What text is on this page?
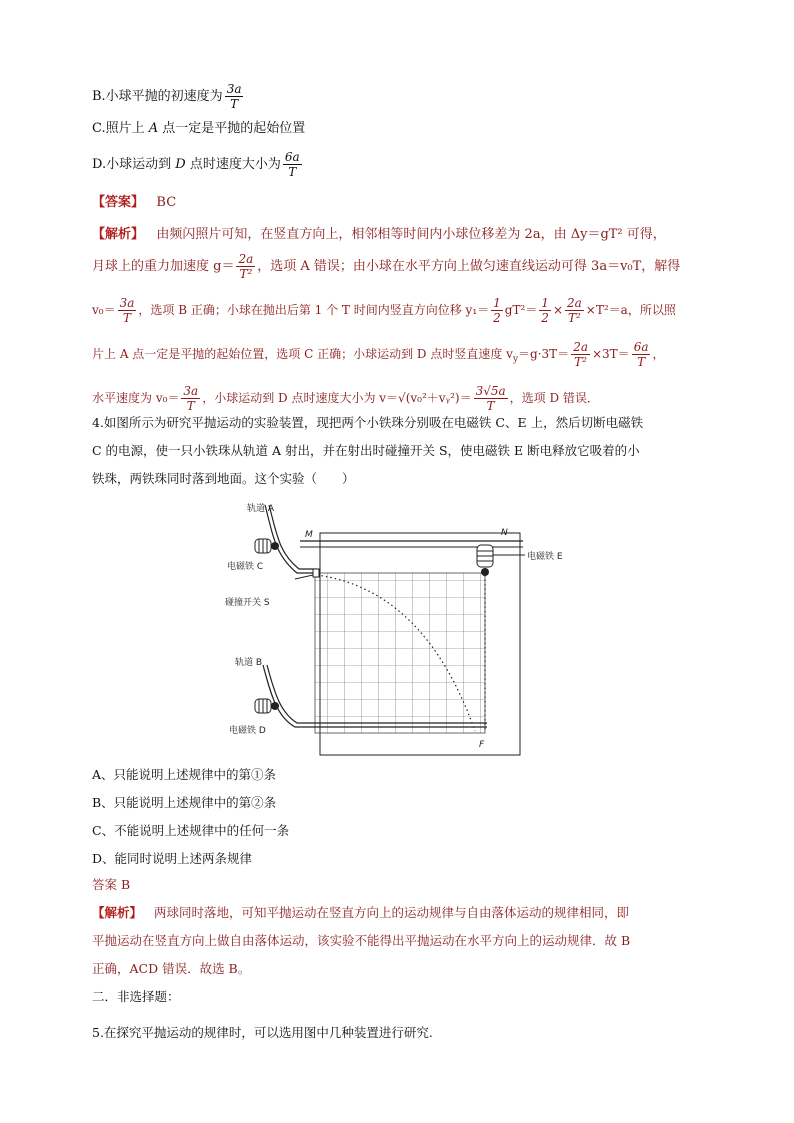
B.小球平抛的初速度为 $\frac{3a}{T}$
C.照片上 A 点一定是平抛的起始位置
D.小球运动到 D 点时速度大小为 $\frac{6a}{T}$
【答案】 BC
【解析】 由频闪照片可知，在竖直方向上，相邻相等时间内小球位移差为 2a，由 Δy＝gT² 可得，
月球上的重力加速度 $g= \frac{2a}{\text{T²}}$ ，选项 A 错误；由小球在水平方向上做匀速直线运动可得 3a＝v₀T，解得
$v_0= \frac{3a}{T}$ ，选项 B 正确；小球在抛出后第 1 个 T 时间内竖直方向位移 $y_1= \frac{1}{2} gT^2= \frac{1}{2} \times \frac{2a}{\text{T²}} \times T^2=a$，所以照
片上 A 点一定是平抛的起始位置，选项 C 正确；小球运动到 D 点时竖直速度 $v_y=g\cdot 3T= \frac{2a}{\text{T²}} \times 3T= \frac{6a}{T}$ ，
水平速度为 $v_0= \frac{3a}{T}$ ，小球运动到 D 点时速度大小为 v＝√(v₀²＋vᵧ²)＝ $\frac{3√5a}{T}$ ，选项 D 错误．
4.如图所示为研究平抛运动的实验装置，现把两个小铁珠分别吸在电磁铁 C、E 上，然后切断电磁铁
C 的电源，使一只小铁珠从轨道 A 射出，并在射出时碰撞开关 S，使电磁铁 E 断电释放它吸着的小
铁珠，两铁珠同时落到地面。这个实验（　　）
轨道 A
M	N
电磁铁 E
电磁铁 C
碰撞开关 S
轨道 B
电磁铁 D
F
A、只能说明上述规律中的第①条
B、只能说明上述规律中的第②条
C、不能说明上述规律中的任何一条
D、能同时说明上述两条规律
答案 B
【解析】 两球同时落地，可知平抛运动在竖直方向上的运动规律与自由落体运动的规律相同，即
平抛运动在竖直方向上做自由落体运动，该实验不能得出平抛运动在水平方向上的运动规律．故 B
正确，ACD 错误．故选 B。
二．非选择题：
5.在探究平抛运动的规律时，可以选用图中几种装置进行研究.
